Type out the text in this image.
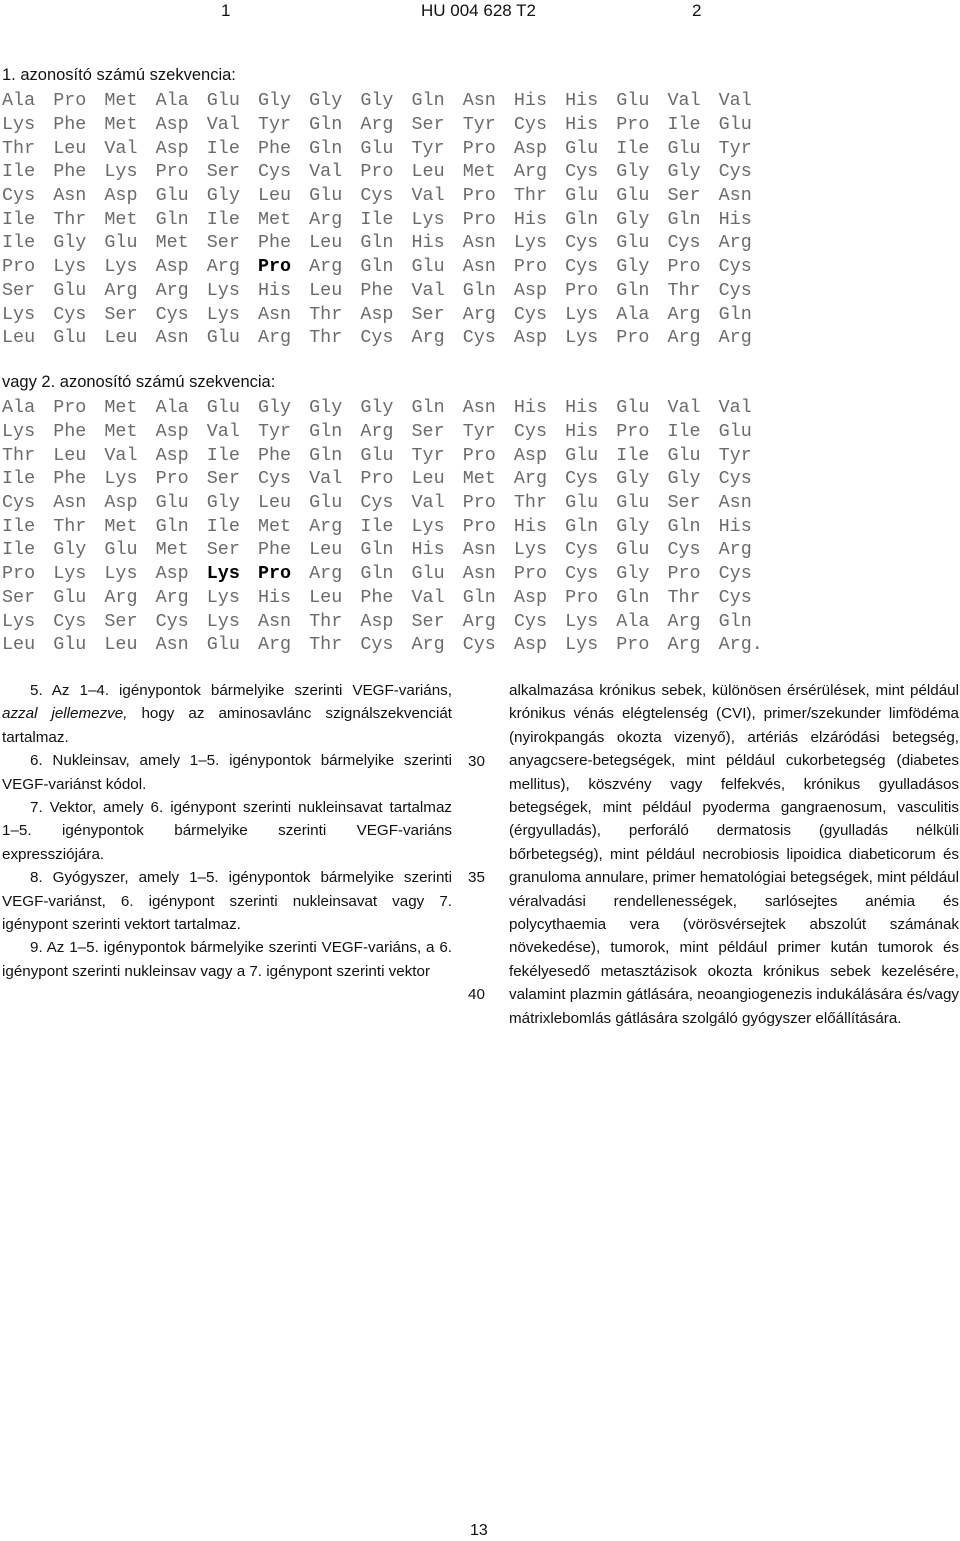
1	HU 004 628 T2	2
1. azonosító számú szekvencia:
Ala Pro Met Ala Glu Gly Gly Gly Gln Asn His His Glu Val Val
Lys Phe Met Asp Val Tyr Gln Arg Ser Tyr Cys His Pro Ile Glu
Thr Leu Val Asp Ile Phe Gln Glu Tyr Pro Asp Glu Ile Glu Tyr
Ile Phe Lys Pro Ser Cys Val Pro Leu Met Arg Cys Gly Gly Cys
Cys Asn Asp Glu Gly Leu Glu Cys Val Pro Thr Glu Glu Ser Asn
Ile Thr Met Gln Ile Met Arg Ile Lys Pro His Gln Gly Gln His
Ile Gly Glu Met Ser Phe Leu Gln His Asn Lys Cys Glu Cys Arg
Pro Lys Lys Asp Arg Pro Arg Gln Glu Asn Pro Cys Gly Pro Cys
Ser Glu Arg Arg Lys His Leu Phe Val Gln Asp Pro Gln Thr Cys
Lys Cys Ser Cys Lys Asn Thr Asp Ser Arg Cys Lys Ala Arg Gln
Leu Glu Leu Asn Glu Arg Thr Cys Arg Cys Asp Lys Pro Arg Arg
vagy 2. azonosító számú szekvencia:
Ala Pro Met Ala Glu Gly Gly Gly Gln Asn His His Glu Val Val
Lys Phe Met Asp Val Tyr Gln Arg Ser Tyr Cys His Pro Ile Glu
Thr Leu Val Asp Ile Phe Gln Glu Tyr Pro Asp Glu Ile Glu Tyr
Ile Phe Lys Pro Ser Cys Val Pro Leu Met Arg Cys Gly Gly Cys
Cys Asn Asp Glu Gly Leu Glu Cys Val Pro Thr Glu Glu Ser Asn
Ile Thr Met Gln Ile Met Arg Ile Lys Pro His Gln Gly Gln His
Ile Gly Glu Met Ser Phe Leu Gln His Asn Lys Cys Glu Cys Arg
Pro Lys Lys Asp Lys Pro Arg Gln Glu Asn Pro Cys Gly Pro Cys
Ser Glu Arg Arg Lys His Leu Phe Val Gln Asp Pro Gln Thr Cys
Lys Cys Ser Cys Lys Asn Thr Asp Ser Arg Cys Lys Ala Arg Gln
Leu Glu Leu Asn Glu Arg Thr Cys Arg Cys Asp Lys Pro Arg Arg.

5. Az 1–4. igénypontok bármelyike szerinti VEGF-variáns, azzal jellemezve, hogy az aminosavlánc szignálszekvenciát tartalmaz.

6. Nukleinsav, amely 1–5. igénypontok bármelyike szerinti VEGF-variánst kódol.

7. Vektor, amely 6. igénypont szerinti nukleinsavat tartalmaz 1–5. igénypontok bármelyike szerinti VEGF-variáns expressziójára.

8. Gyógyszer, amely 1–5. igénypontok bármelyike szerinti VEGF-variánst, 6. igénypont szerinti nukleinsavat vagy 7. igénypont szerinti vektort tartalmaz.

9. Az 1–5. igénypontok bármelyike szerinti VEGF-variáns, a 6. igénypont szerinti nukleinsav vagy a 7. igénypont szerinti vektor

30
35
40
13

alkalmazása krónikus sebek, különösen érsérülések, mint például krónikus vénás elégtelenség (CVI), primer/szekunder limfödéma (nyirokpangás okozta vizenyő), artériás elzáródási betegség, anyagcsere-betegségek, mint például cukorbetegség (diabetes mellitus), köszvény vagy felfekvés, krónikus gyulladásos betegségek, mint például pyoderma gangraenosum, vasculitis (érgyulladás), perforáló dermatosis (gyulladás nélküli bőrbetegség), mint például necrobiosis lipoidica diabeticorum és granuloma annulare, primer hematológiai betegségek, mint például véralvadási rendellenességek, sarlósejtes anémia és polycythaemia vera (vörösvérsejtek abszolút számának növekedése), tumorok, mint például primer kután tumorok és fekélyesedő metasztázisok okozta krónikus sebek kezelésére, valamint plazmin gátlására, neoangiogenezis indukálására és/vagy mátrixlebomlás gátlására szolgáló gyógyszer előállítására.
